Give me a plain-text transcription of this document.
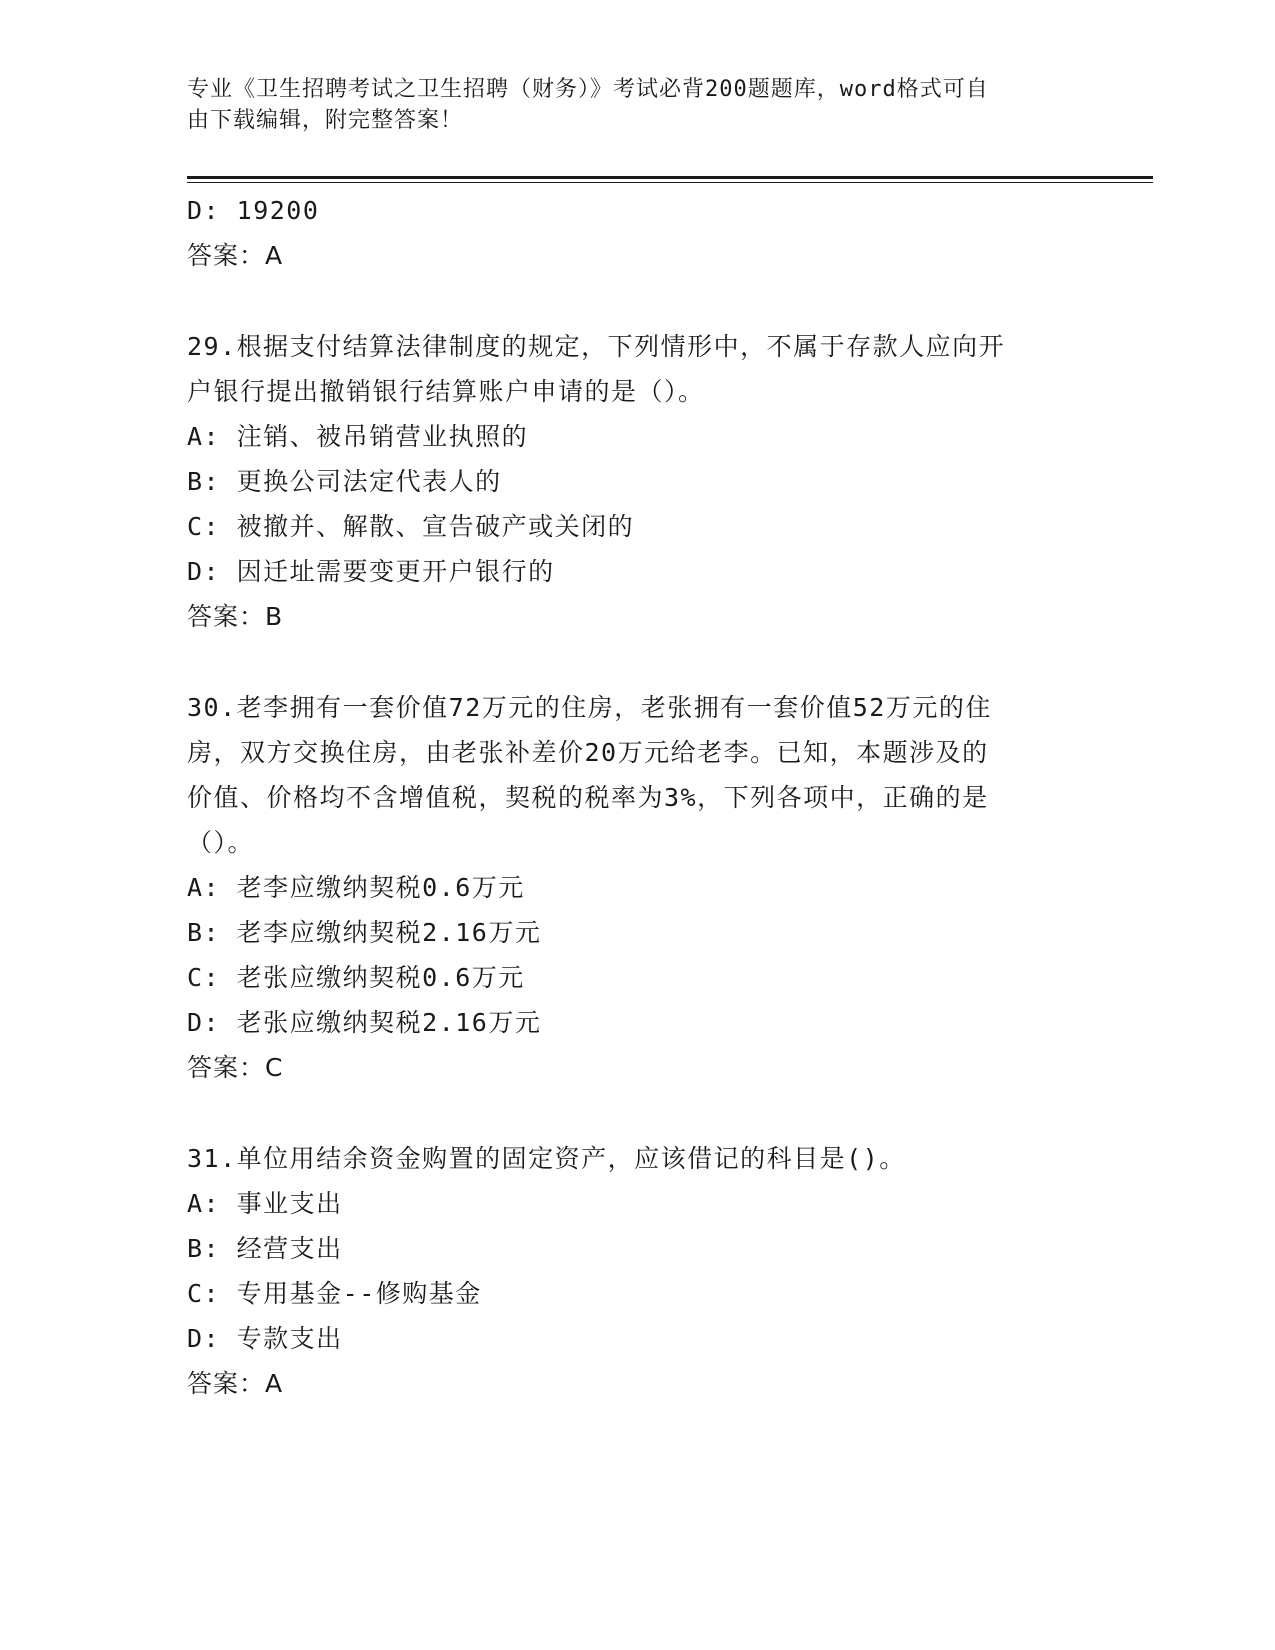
专业《卫生招聘考试之卫生招聘（财务）》考试必背200题题库，word格式可自
由下载编辑，附完整答案！
D: 19200
答案：A
29.根据支付结算法律制度的规定，下列情形中，不属于存款人应向开
户银行提出撤销银行结算账户申请的是（）。
A: 注销、被吊销营业执照的
B: 更换公司法定代表人的
C: 被撤并、解散、宣告破产或关闭的
D: 因迁址需要变更开户银行的
答案：B
30.老李拥有一套价值72万元的住房，老张拥有一套价值52万元的住
房，双方交换住房，由老张补差价20万元给老李。已知，本题涉及的
价值、价格均不含增值税，契税的税率为3%，下列各项中，正确的是
（）。
A: 老李应缴纳契税0.6万元
B: 老李应缴纳契税2.16万元
C: 老张应缴纳契税0.6万元
D: 老张应缴纳契税2.16万元
答案：C
31.单位用结余资金购置的固定资产，应该借记的科目是()。
A: 事业支出
B: 经营支出
C: 专用基金--修购基金
D: 专款支出
答案：A
